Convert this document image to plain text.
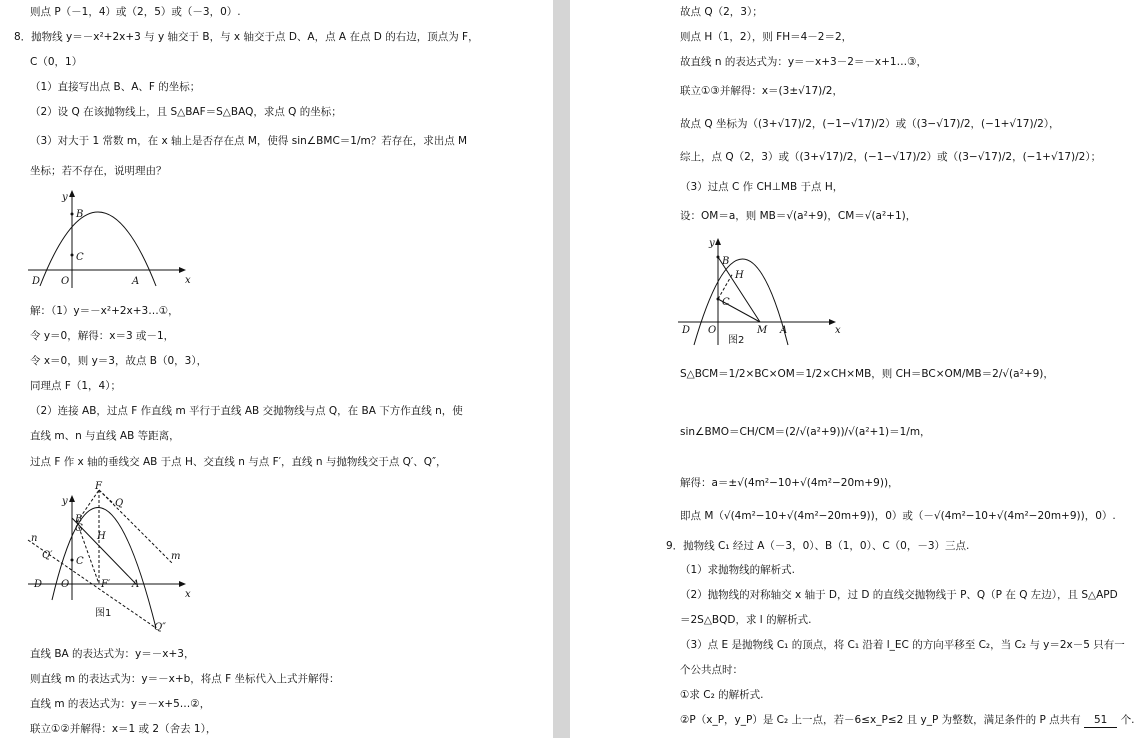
则点 P（－1，4）或（2，5）或（－3，0）.
8．抛物线 y＝－x²+2x+3 与 y 轴交于 B，与 x 轴交于点 D、A，点 A 在点 D 的右边，顶点为 F，
C（0，1）
（1）直接写出点 B、A、F 的坐标；
（2）设 Q 在该抛物线上，且 S△BAF＝S△BAQ，求点 Q 的坐标；
（3）对大于 1 常数 m，在 x 轴上是否存在点 M，使得 sin∠BMC＝1/m？若存在，求出点 M
坐标；若不存在，说明理由？
y
x
B
C
D O	A
解：（1）y＝－x²+2x+3…①，
令 y＝0，解得：x＝3 或－1，
令 x＝0，则 y＝3，故点 B（0，3），
同理点 F（1，4）；
（2）连接 AB，过点 F 作直线 m 平行于直线 AB 交抛物线与点 Q，在 BA 下方作直线 n，使
直线 m、n 与直线 AB 等距离，
过点 F 作 x 轴的垂线交 AB 于点 H、交直线 n 与点 F′，直线 n 与抛物线交于点 Q′、Q″，
y
x
F
Q
B
G
H
n
Q′
C	m
D O	F′ A
Q″
图1
直线 BA 的表达式为：y＝－x+3，
则直线 m 的表达式为：y＝－x+b，将点 F 坐标代入上式并解得：
直线 m 的表达式为：y＝－x+5…②，
联立①②并解得：x＝1 或 2（舍去 1），
故点 Q（2，3）；
则点 H（1，2），则 FH＝4－2＝2，
故直线 n 的表达式为：y＝－x+3－2＝－x+1…③，
联立①③并解得：x＝(3±√17)/2，
故点 Q 坐标为（(3+√17)/2，(−1−√17)/2）或（(3−√17)/2，(−1+√17)/2），
综上，点 Q（2，3）或（(3+√17)/2，(−1−√17)/2）或（(3−√17)/2，(−1+√17)/2）；
（3）过点 C 作 CH⊥MB 于点 H，
设：OM＝a，则 MB＝√(a²+9)，CM＝√(a²+1)，
y
x
B
H
C
D O	M A
图2
S△BCM＝1/2×BC×OM＝1/2×CH×MB，则 CH＝BC×OM/MB＝2/√(a²+9)，
sin∠BMO＝CH/CM＝(2/√(a²+9))/√(a²+1)＝1/m，
解得：a＝±√(4m²−10+√(4m²−20m+9))，
即点 M（√(4m²−10+√(4m²−20m+9))，0）或（－√(4m²−10+√(4m²−20m+9))，0）.
9．抛物线 C₁ 经过 A（－3，0）、B（1，0）、C（0，－3）三点.
（1）求抛物线的解析式.
（2）抛物线的对称轴交 x 轴于 D，过 D 的直线交抛物线于 P、Q（P 在 Q 左边），且 S△APD
＝2S△BQD，求 l 的解析式.
（3）点 E 是抛物线 C₁ 的顶点，将 C₁ 沿着 l_EC 的方向平移至 C₂，当 C₂ 与 y＝2x－5 只有一
个公共点时：
①求 C₂ 的解析式.
②P（x_P，y_P）是 C₂ 上一点，若－6≤x_P≤2 且 y_P 为整数，满足条件的 P 点共有 51 个.
